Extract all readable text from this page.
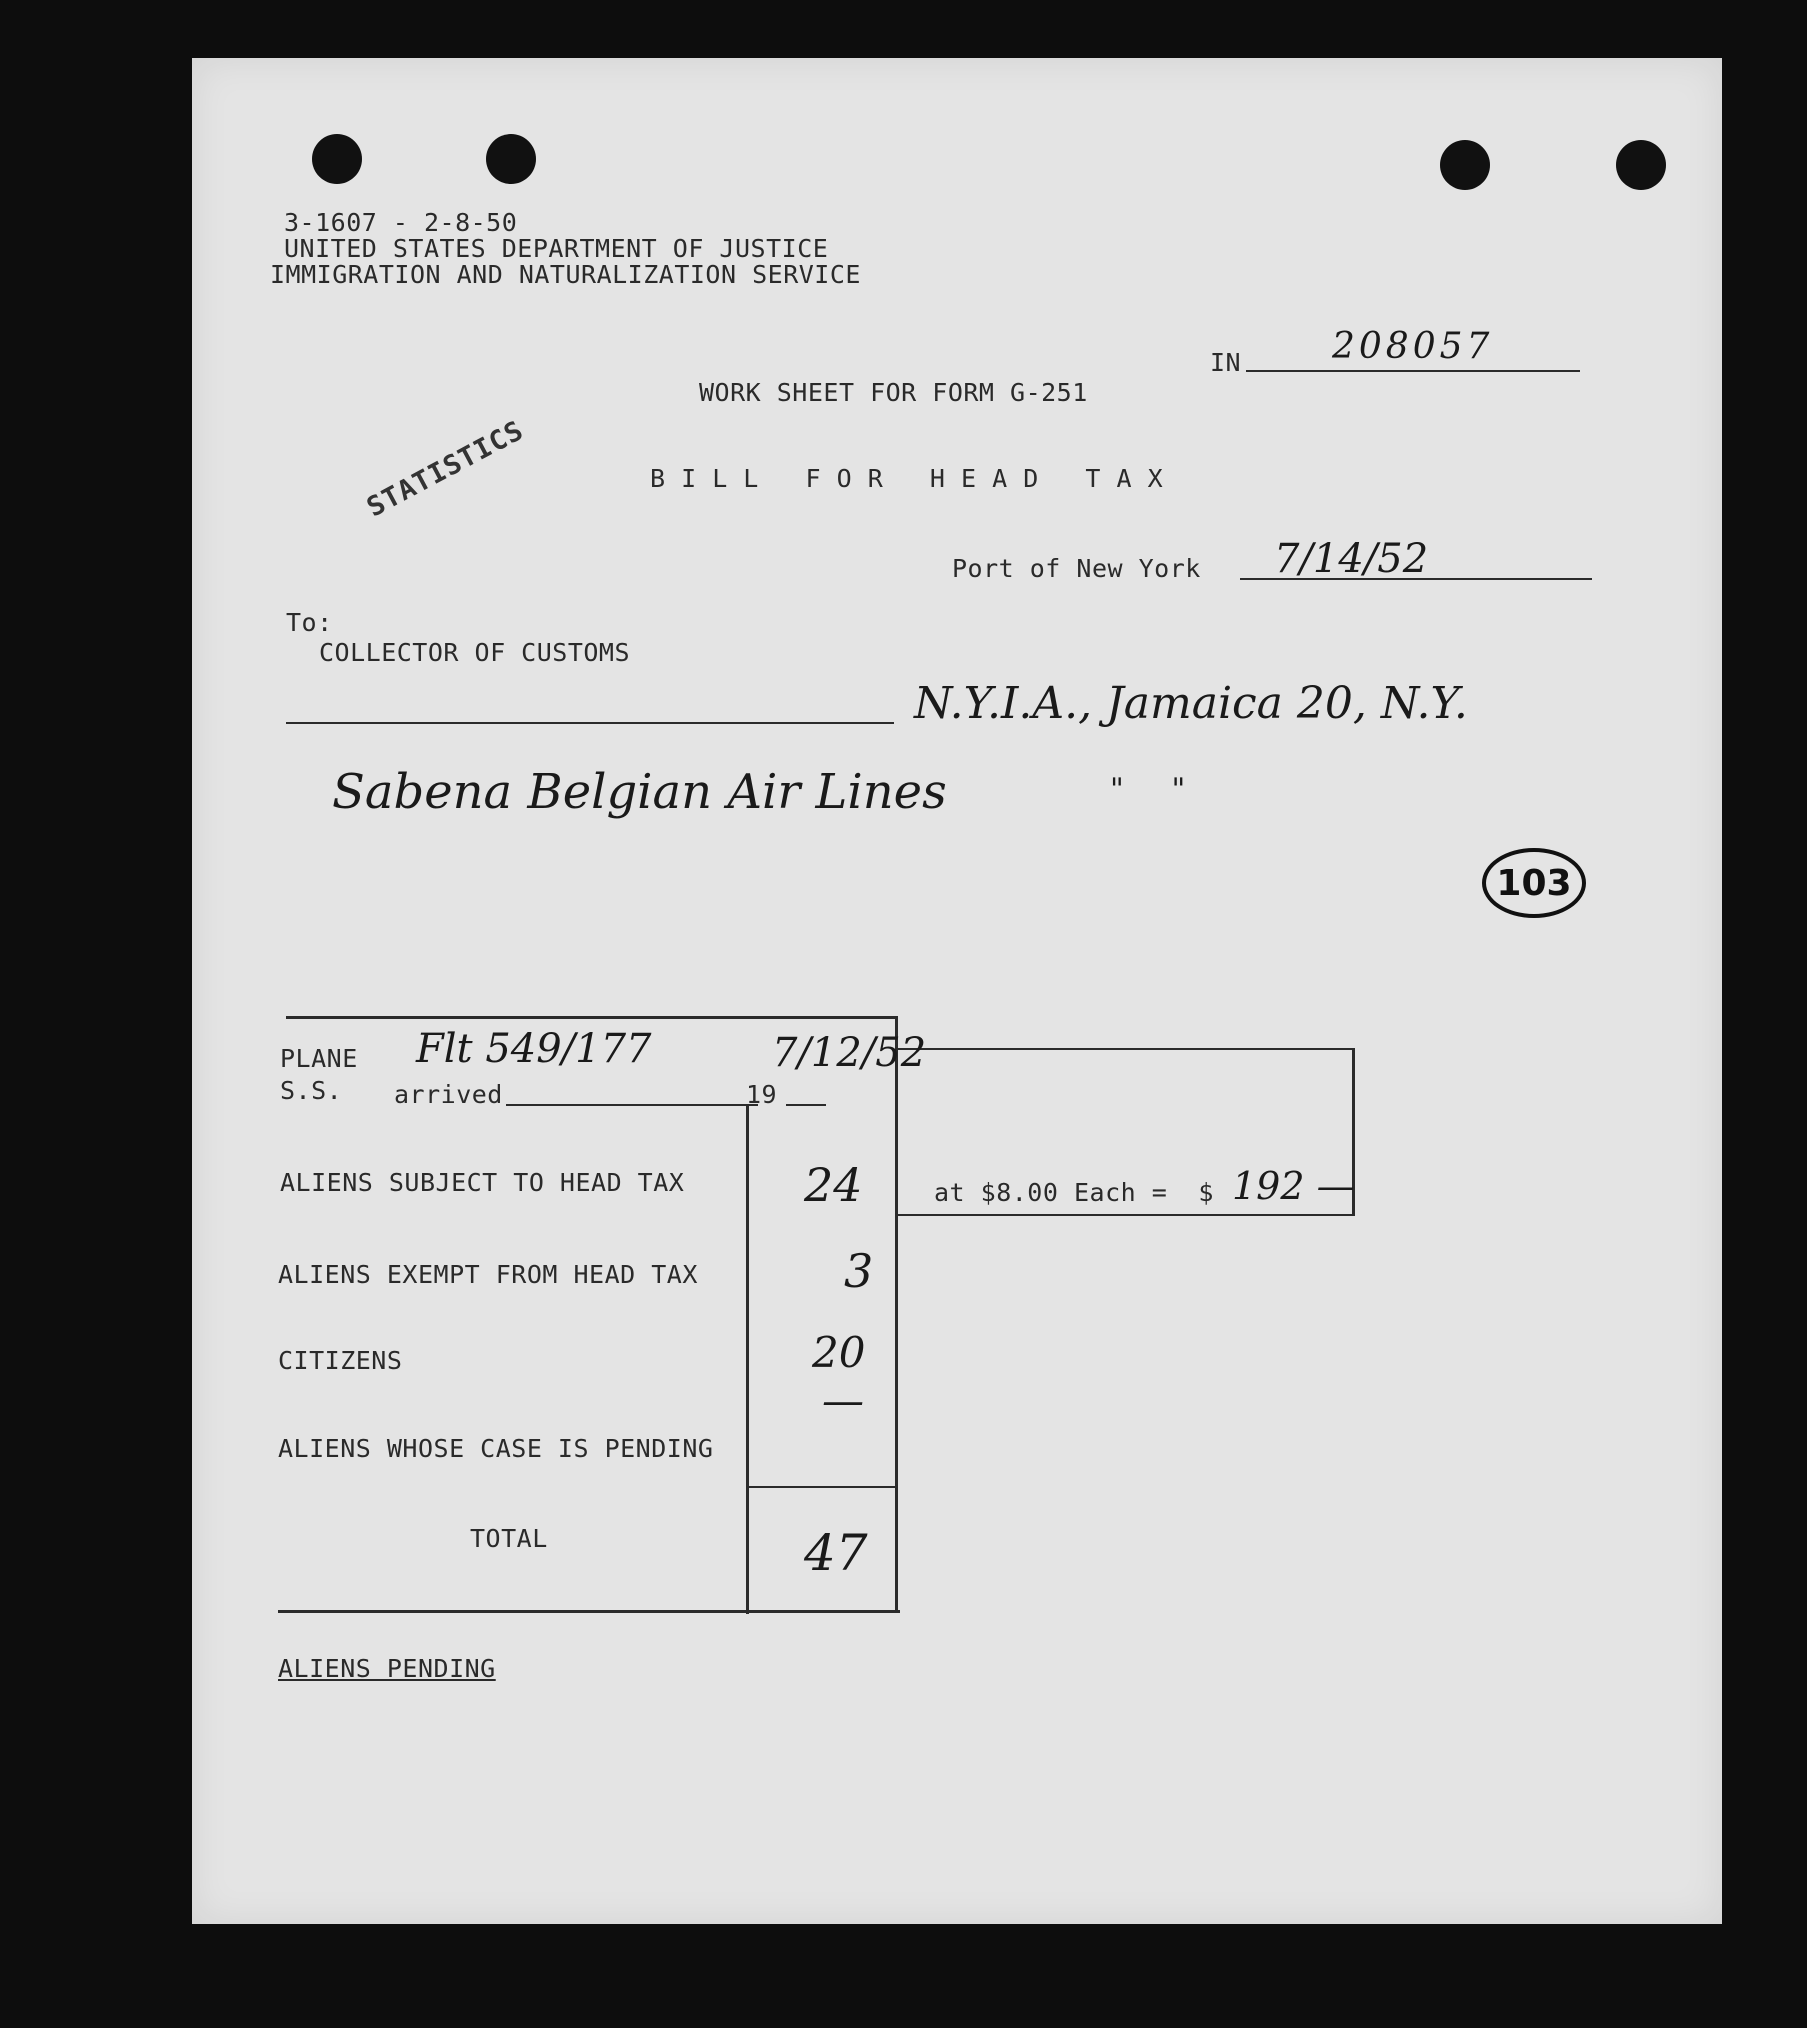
3-1607 - 2-8-50
UNITED STATES DEPARTMENT OF JUSTICE
IMMIGRATION AND NATURALIZATION SERVICE
IN	208057
STATISTICS
WORK SHEET FOR FORM G-251
B I L L   F O R   H E A D   T A X
Port of New York 7/14/52
To:
COLLECTOR OF CUSTOMS
N.Y.I.A., Jamaica 20, N.Y.
Sabena Belgian Air Lines	"     "
103
PLANE
S.S.
Flt 549/177
arrived	19
7/12/52
ALIENS SUBJECT TO HEAD TAX	24	at $8.00 Each =  $ 192 —
ALIENS EXEMPT FROM HEAD TAX	3
CITIZENS	20
—
ALIENS WHOSE CASE IS PENDING
TOTAL	47
ALIENS PENDING
